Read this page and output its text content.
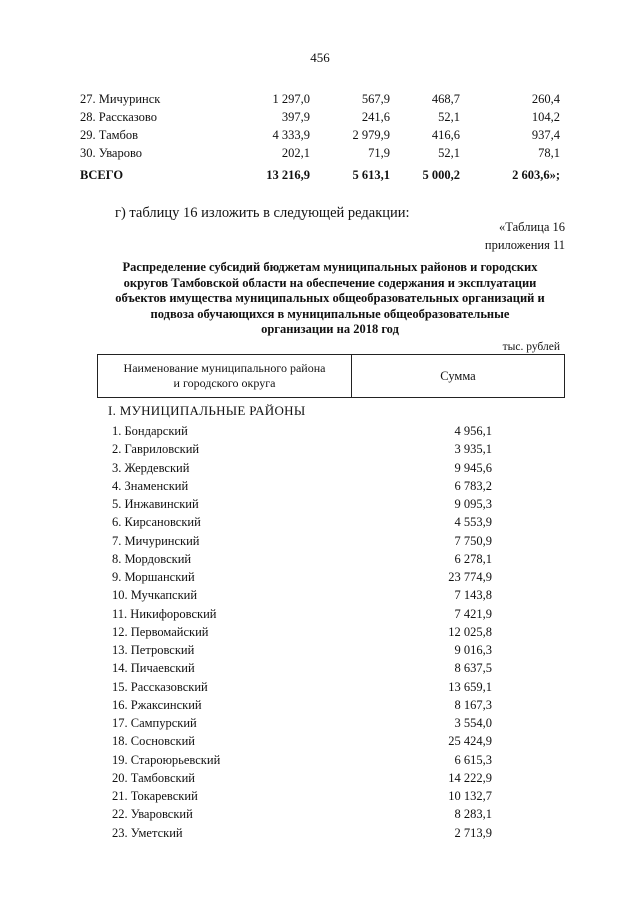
456
27. Мичуринск	1 297,0	567,9	468,7	260,4
28. Рассказово	397,9	241,6	52,1	104,2
29. Тамбов	4 333,9	2 979,9	416,6	937,4
30. Уварово	202,1	71,9	52,1	78,1
ВСЕГО	13 216,9	5 613,1	5 000,2	2 603,6»;
г) таблицу 16 изложить в следующей редакции:
«Таблица 16
приложения 11
Распределение субсидий бюджетам муниципальных районов и городских
округов Тамбовской области на обеспечение содержания и эксплуатации
объектов имущества муниципальных общеобразовательных организаций и
подвоза обучающихся в муниципальные общеобразовательные
организации на 2018 год
тыс. рублей
Наименование муниципального района
и городского округа
Сумма
I. МУНИЦИПАЛЬНЫЕ РАЙОНЫ
1. Бондарский	4 956,1
2. Гавриловский	3 935,1
3. Жердевский	9 945,6
4. Знаменский	6 783,2
5. Инжавинский	9 095,3
6. Кирсановский	4 553,9
7. Мичуринский	7 750,9
8. Мордовский	6 278,1
9. Моршанский	23 774,9
10. Мучкапский	7 143,8
11. Никифоровский	7 421,9
12. Первомайский	12 025,8
13. Петровский	9 016,3
14. Пичаевский	8 637,5
15. Рассказовский	13 659,1
16. Ржаксинский	8 167,3
17. Сампурский	3 554,0
18. Сосновский	25 424,9
19. Староюрьевский	6 615,3
20. Тамбовский	14 222,9
21. Токаревский	10 132,7
22. Уваровский	8 283,1
23. Уметский	2 713,9
